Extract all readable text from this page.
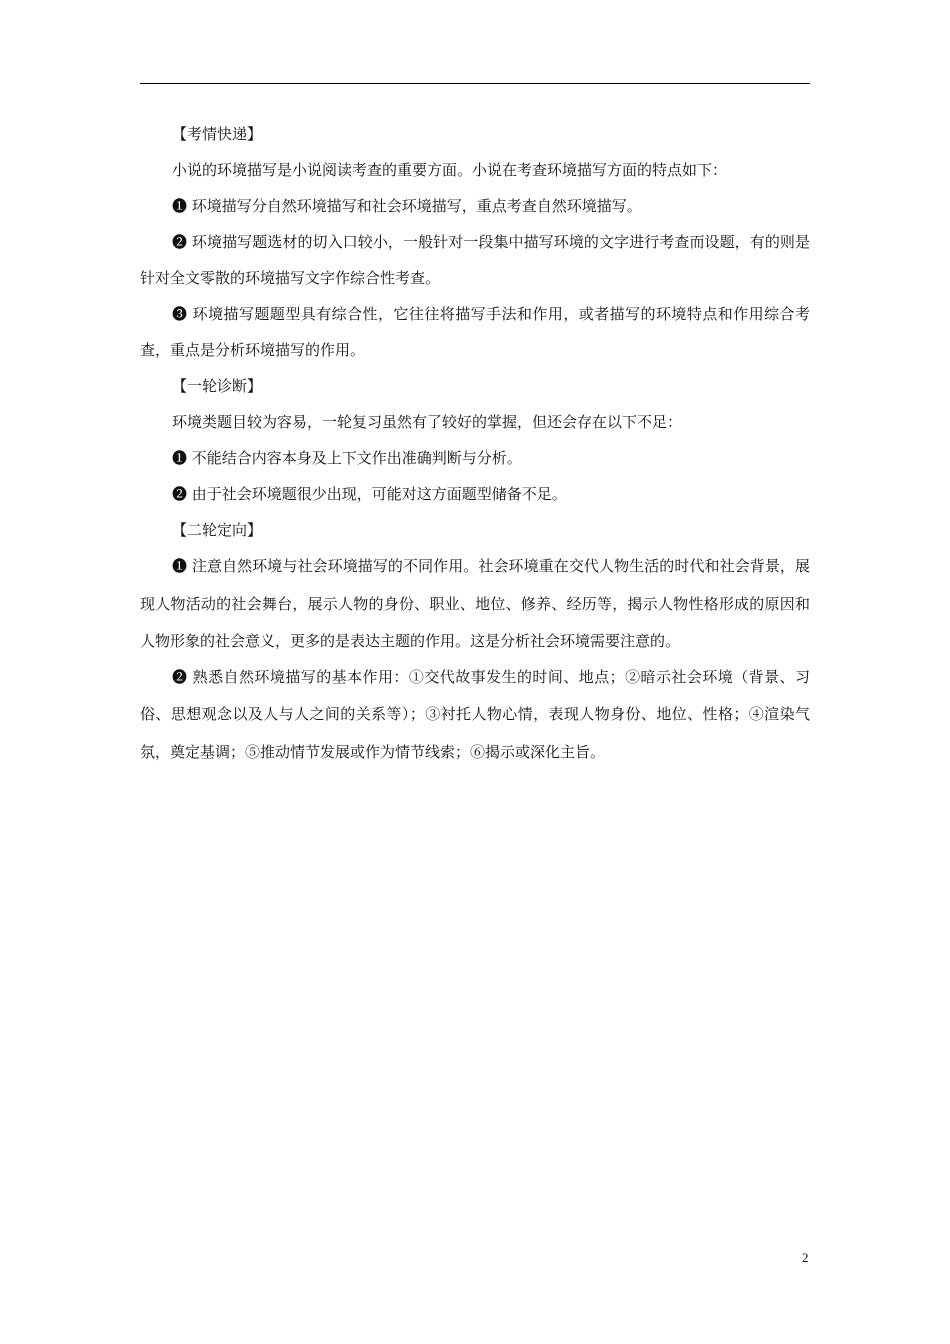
【考情快递】
小说的环境描写是小说阅读考查的重要方面。小说在考查环境描写方面的特点如下：
❶ 环境描写分自然环境描写和社会环境描写，重点考查自然环境描写。

❷ 环境描写题选材的切入口较小，一般针对一段集中描写环境的文字进行考查而设题，有的则是针对全文零散的环境描写文字作综合性考查。

❸ 环境描写题题型具有综合性，它往往将描写手法和作用，或者描写的环境特点和作用综合考查，重点是分析环境描写的作用。

【一轮诊断】
环境类题目较为容易，一轮复习虽然有了较好的掌握，但还会存在以下不足：
❶ 不能结合内容本身及上下文作出准确判断与分析。
❷ 由于社会环境题很少出现，可能对这方面题型储备不足。
【二轮定向】

❶ 注意自然环境与社会环境描写的不同作用。社会环境重在交代人物生活的时代和社会背景，展现人物活动的社会舞台，展示人物的身份、职业、地位、修养、经历等，揭示人物性格形成的原因和人物形象的社会意义，更多的是表达主题的作用。这是分析社会环境需要注意的。

❷ 熟悉自然环境描写的基本作用：①交代故事发生的时间、地点；②暗示社会环境（背景、习俗、思想观念以及人与人之间的关系等）；③衬托人物心情，表现人物身份、地位、性格；④渲染气氛，奠定基调；⑤推动情节发展或作为情节线索；⑥揭示或深化主旨。

2
